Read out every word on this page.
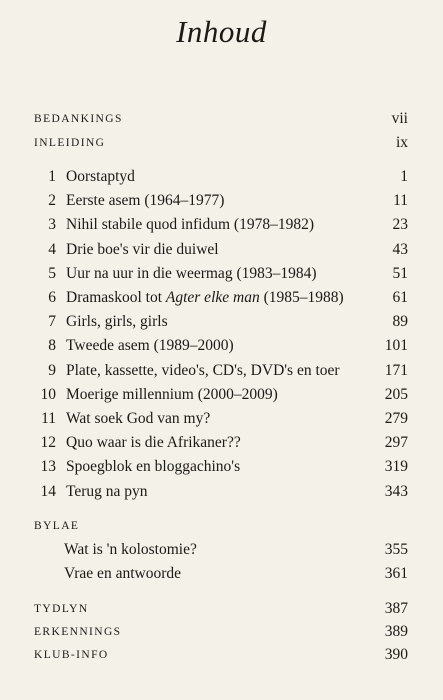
Inhoud
BEDANKINGS	vii
INLEIDING	ix
1 Oorstaptyd	1
2 Eerste asem (1964–1977)	11
3 Nihil stabile quod infidum (1978–1982)	23
4 Drie boe's vir die duiwel	43
5 Uur na uur in die weermag (1983–1984)	51
6 Dramaskool tot Agter elke man (1985–1988)	61
7 Girls, girls, girls	89
8 Tweede asem (1989–2000)	101
9 Plate, kassette, video's, CD's, DVD's en toer	171
10 Moerige millennium (2000–2009)	205
11 Wat soek God van my?	279
12 Quo waar is die Afrikaner??	297
13 Spoegblok en bloggachino's	319
14 Terug na pyn	343
BYLAE
Wat is 'n kolostomie?	355
Vrae en antwoorde	361
TYDLYN	387
ERKENNINGS	389
KLUB-INFO	390
